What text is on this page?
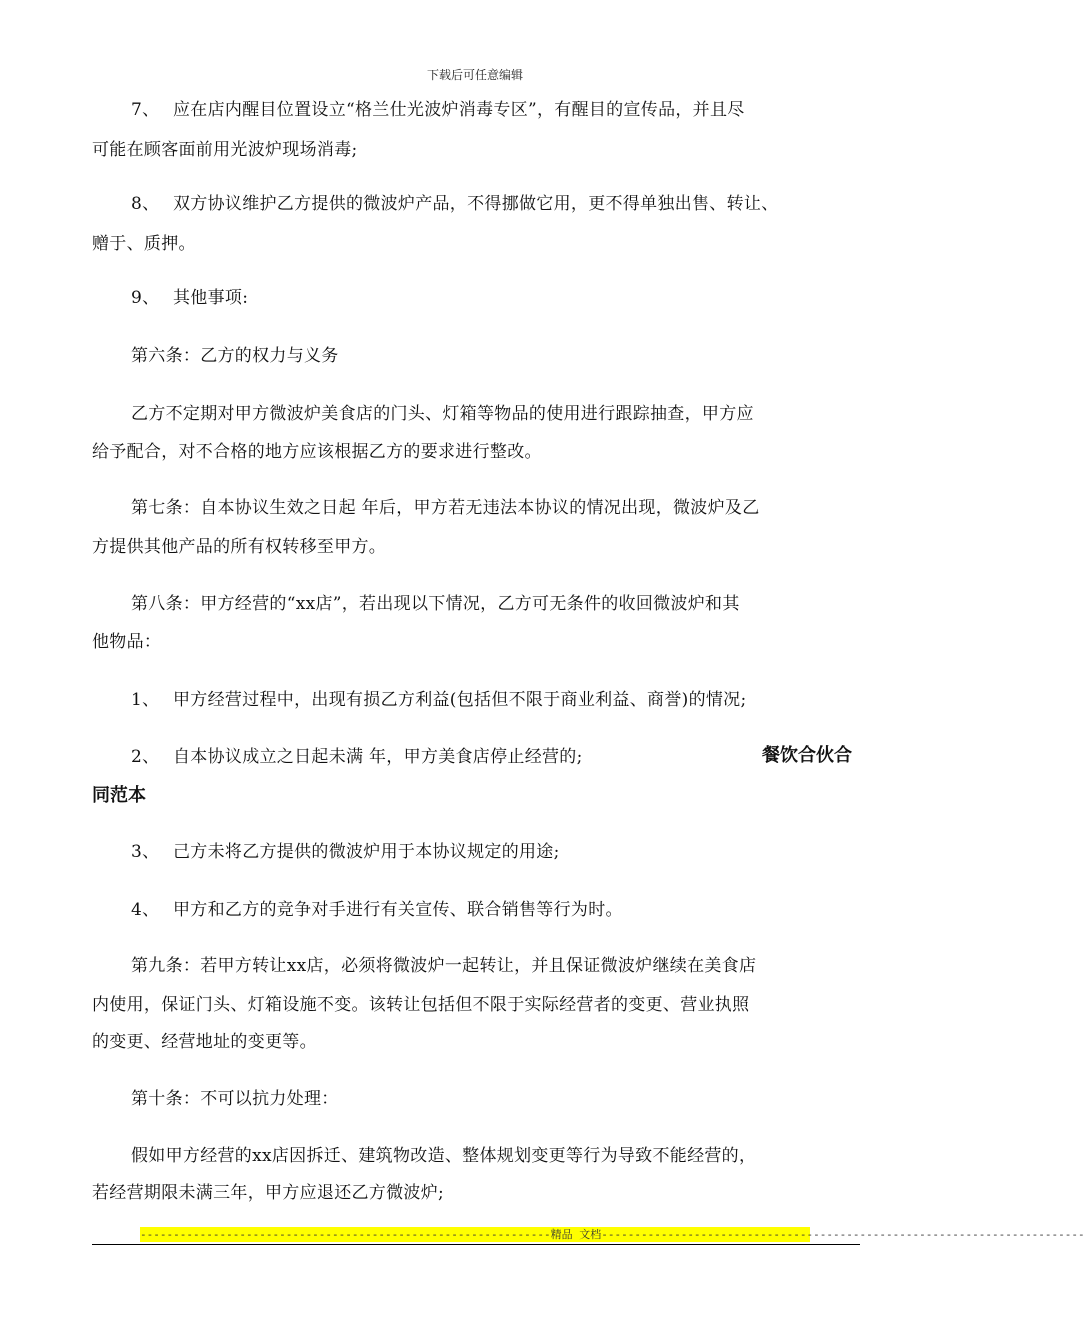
下载后可任意编辑
7、 应在店内醒目位置设立“格兰仕光波炉消毒专区”，有醒目的宣传品，并且尽
可能在顾客面前用光波炉现场消毒;
8、 双方协议维护乙方提供的微波炉产品，不得挪做它用，更不得单独出售、转让、
赠于、质押。
9、 其他事项:
第六条：乙方的权力与义务
乙方不定期对甲方微波炉美食店的门头、灯箱等物品的使用进行跟踪抽查，甲方应
给予配合，对不合格的地方应该根据乙方的要求进行整改。
第七条：自本协议生效之日起 年后，甲方若无违法本协议的情况出现，微波炉及乙
方提供其他产品的所有权转移至甲方。
第八条：甲方经营的“xx店”，若出现以下情况，乙方可无条件的收回微波炉和其
他物品：
1、 甲方经营过程中，出现有损乙方利益(包括但不限于商业利益、商誉)的情况;
2、 自本协议成立之日起未满 年，甲方美食店停止经营的;	餐饮合伙合
同范本
3、 己方未将乙方提供的微波炉用于本协议规定的用途;
4、 甲方和乙方的竞争对手进行有关宣传、联合销售等行为时。
第九条：若甲方转让xx店，必须将微波炉一起转让，并且保证微波炉继续在美食店
内使用，保证门头、灯箱设施不变。该转让包括但不限于实际经营者的变更、营业执照
的变更、经营地址的变更等。
第十条：不可以抗力处理：
假如甲方经营的xx店因拆迁、建筑物改造、整体规划变更等行为导致不能经营的，
若经营期限未满三年，甲方应退还乙方微波炉;
--------------------------------------------------------------精品 文档-------------------------------------------------------------------------
